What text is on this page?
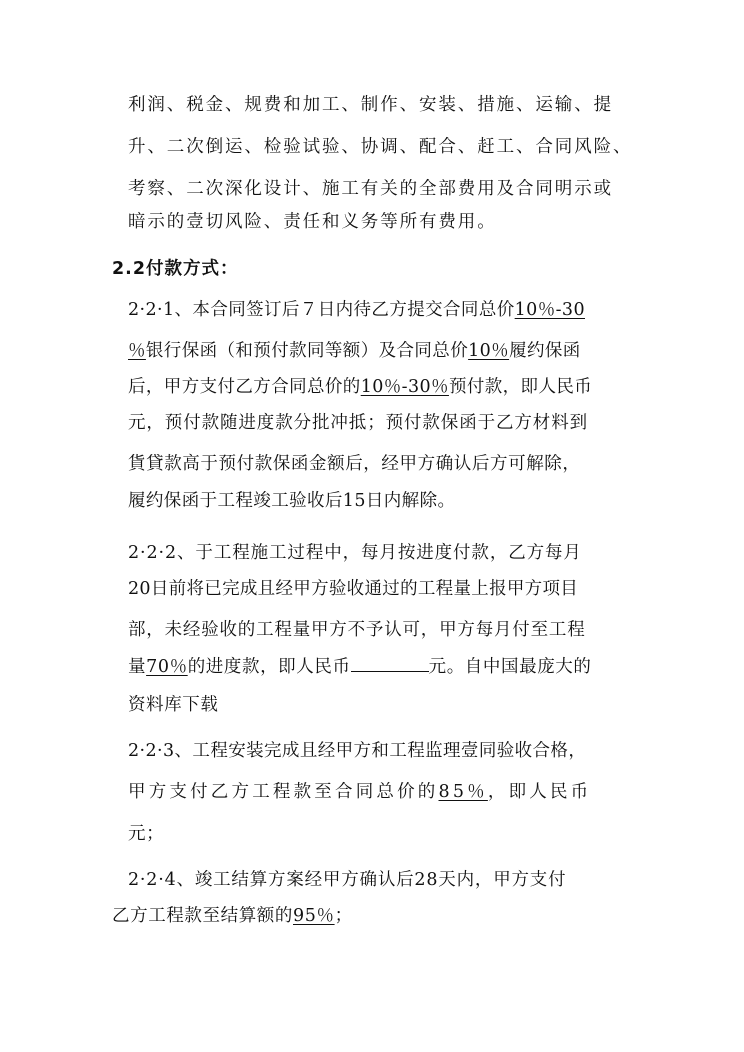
利润、税金、规费和加工、制作、安装、措施、运输、提
升、二次倒运、检验试验、协调、配合、赶工、合同风险、
考察、二次深化设计、施工有关的全部费用及合同明示或
暗示的壹切风险、责任和义务等所有费用。
2.2付款方式：
2·2·1、本合同签订后７日内待乙方提交合同总价10％-30
％银行保函（和预付款同等额）及合同总价10％履约保函
后，甲方支付乙方合同总价的10％-30％预付款，即人民币
元，预付款随进度款分批冲抵；预付款保函于乙方材料到
貨貸款高于预付款保函金额后，经甲方确认后方可解除，
履约保函于工程竣工验收后15日内解除。
2·2·2、于工程施工过程中，每月按进度付款，乙方每月
20日前将已完成且经甲方验收通过的工程量上报甲方项目
部，未经验收的工程量甲方不予认可，甲方每月付至工程
量70％的进度款，即人民币	元。自中国最庞大的
资料库下载
2·2·3、工程安装完成且经甲方和工程监理壹同验收合格，
甲方支付乙方工程款至合同总价的85％，即人民币
元；
2·2·4、竣工结算方案经甲方确认后28天内，甲方支付
乙方工程款至结算额的95％；
